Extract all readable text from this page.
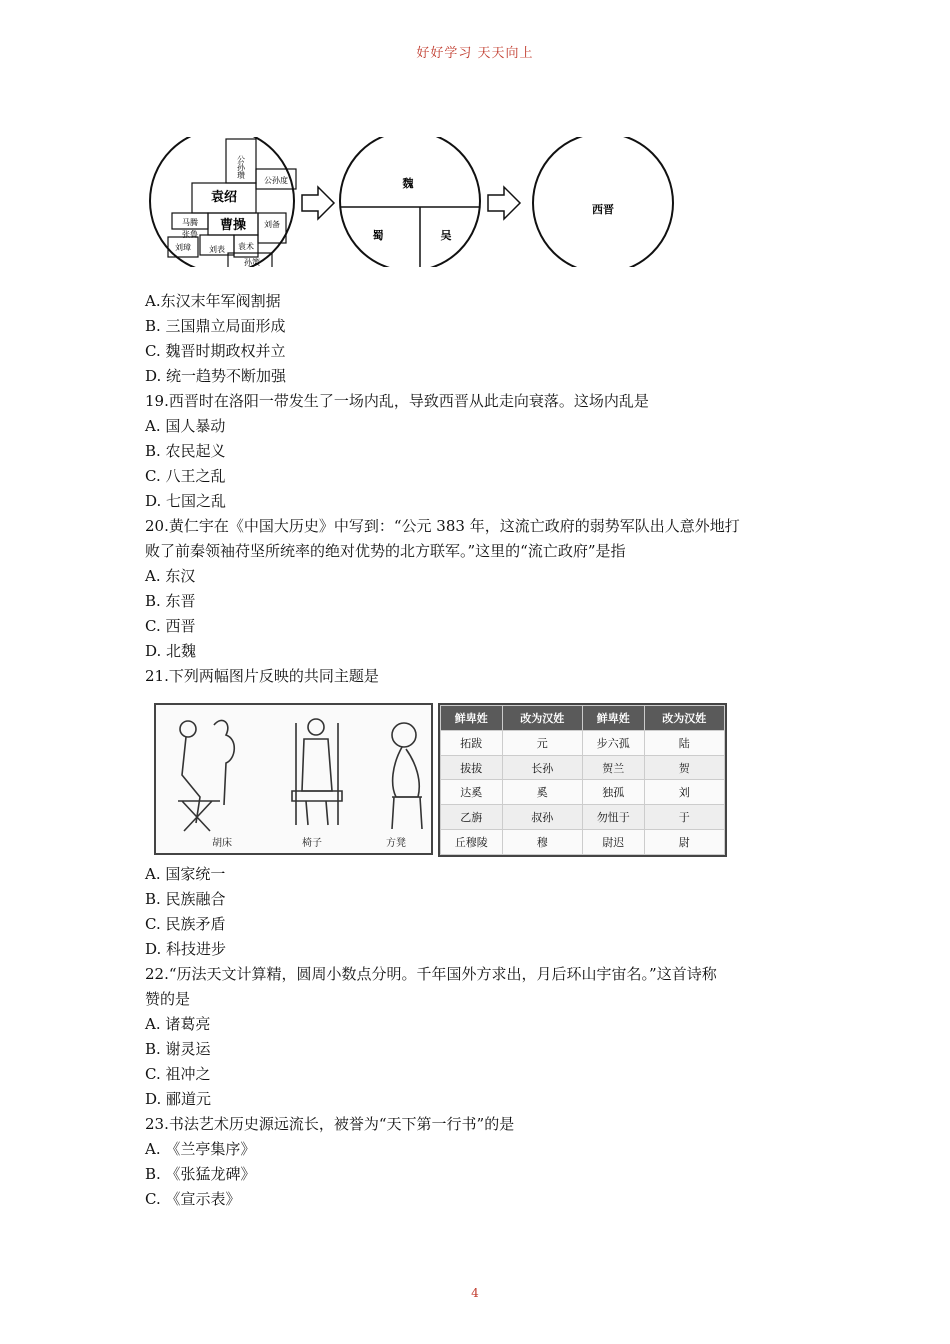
好好学习 天天向上
公孙瓒
公孙度
袁绍
曹操
马腾
张鲁
刘备
刘璋 刘表 袁术
孙策
魏
蜀	吴
西晋
A.东汉末年军阀割据
B. 三国鼎立局面形成
C. 魏晋时期政权并立
D. 统一趋势不断加强
19.西晋时在洛阳一带发生了一场内乱，导致西晋从此走向衰落。这场内乱是
A. 国人暴动
B. 农民起义
C. 八王之乱
D. 七国之乱
20.黄仁宇在《中国大历史》中写到：“公元 383 年，这流亡政府的弱势军队出人意外地打
败了前秦领袖苻坚所统率的绝对优势的北方联军。”这里的“流亡政府”是指
A. 东汉
B. 东晋
C. 西晋
D. 北魏
21.下列两幅图片反映的共同主题是
胡床	椅子	方凳
鲜卑姓	改为汉姓	鲜卑姓	改为汉姓
拓跋	元	步六孤	陆
拔拔	长孙	贺兰	贺
达奚	奚	独孤	刘
乙旃	叔孙	勿忸于	于
丘穆陵	穆	尉迟	尉
A. 国家统一
B. 民族融合
C. 民族矛盾
D. 科技进步
22.“历法天文计算精，圆周小数点分明。千年国外方求出，月后环山宇宙名。”这首诗称
赞的是
A. 诸葛亮
B. 谢灵运
C. 祖冲之
D. 郦道元
23.书法艺术历史源远流长，被誉为“天下第一行书”的是
A. 《兰亭集序》
B. 《张猛龙碑》
C. 《宣示表》
4
